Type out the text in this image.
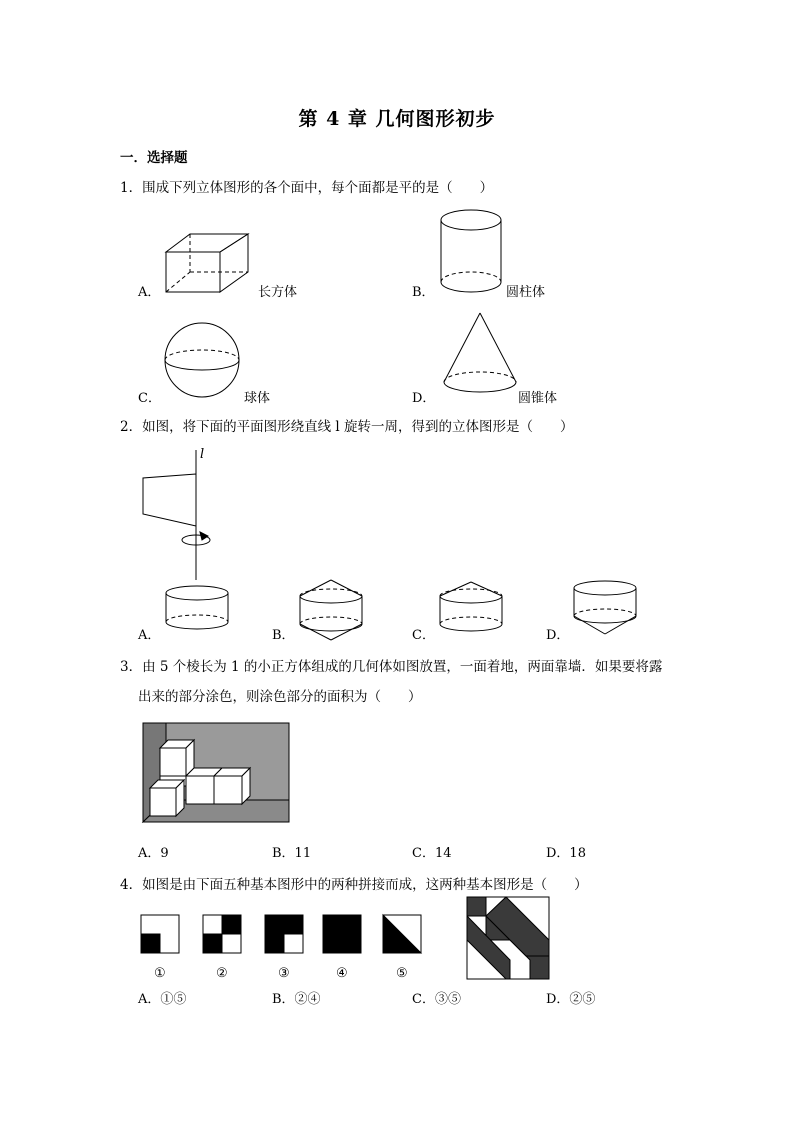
第 4 章 几何图形初步
一．选择题
1．围成下列立体图形的各个面中，每个面都是平的是（　　）
A．	长方体	B．	圆柱体
C．	球体	D．	圆锥体
2．如图，将下面的平面图形绕直线 l 旋转一周，得到的立体图形是（　　）
l
A．	B．	C．	D．
3．由 5 个棱长为 1 的小正方体组成的几何体如图放置，一面着地，两面靠墙．如果要将露
出来的部分涂色，则涂色部分的面积为（　　）
A．9	B．11	C．14	D．18
4．如图是由下面五种基本图形中的两种拼接而成，这两种基本图形是（　　）
①	②	③	④	⑤
A．①⑤	B．②④	C．③⑤	D．②⑤
